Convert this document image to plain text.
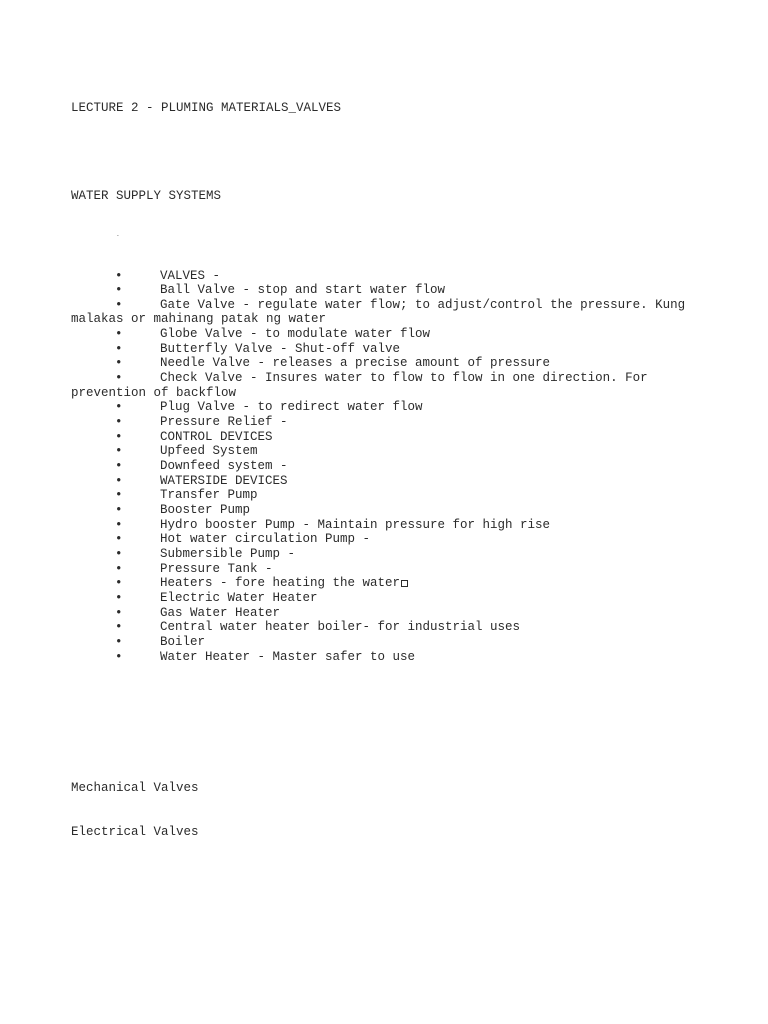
LECTURE 2 - PLUMING MATERIALS_VALVES

WATER SUPPLY SYSTEMS

-

•	VALVES -
•	Ball Valve - stop and start water flow
•	Gate Valve - regulate water flow; to adjust/control the pressure. Kung
malakas or mahinang patak ng water
•	Globe Valve - to modulate water flow
•	Butterfly Valve - Shut-off valve
•	Needle Valve - releases a precise amount of pressure
•	Check Valve - Insures water to flow to flow in one direction. For
prevention of backflow
•	Plug Valve - to redirect water flow
•	Pressure Relief -
•	CONTROL DEVICES
•	Upfeed System
•	Downfeed system -
•	WATERSIDE DEVICES
•	Transfer Pump
•	Booster Pump
•	Hydro booster Pump - Maintain pressure for high rise
•	Hot water circulation Pump -
•	Submersible Pump -
•	Pressure Tank -
•	Heaters - fore heating the water
•	Electric Water Heater
•	Gas Water Heater
•	Central water heater boiler- for industrial uses
•	Boiler
•	Water Heater - Master safer to use

Mechanical Valves

Electrical Valves
